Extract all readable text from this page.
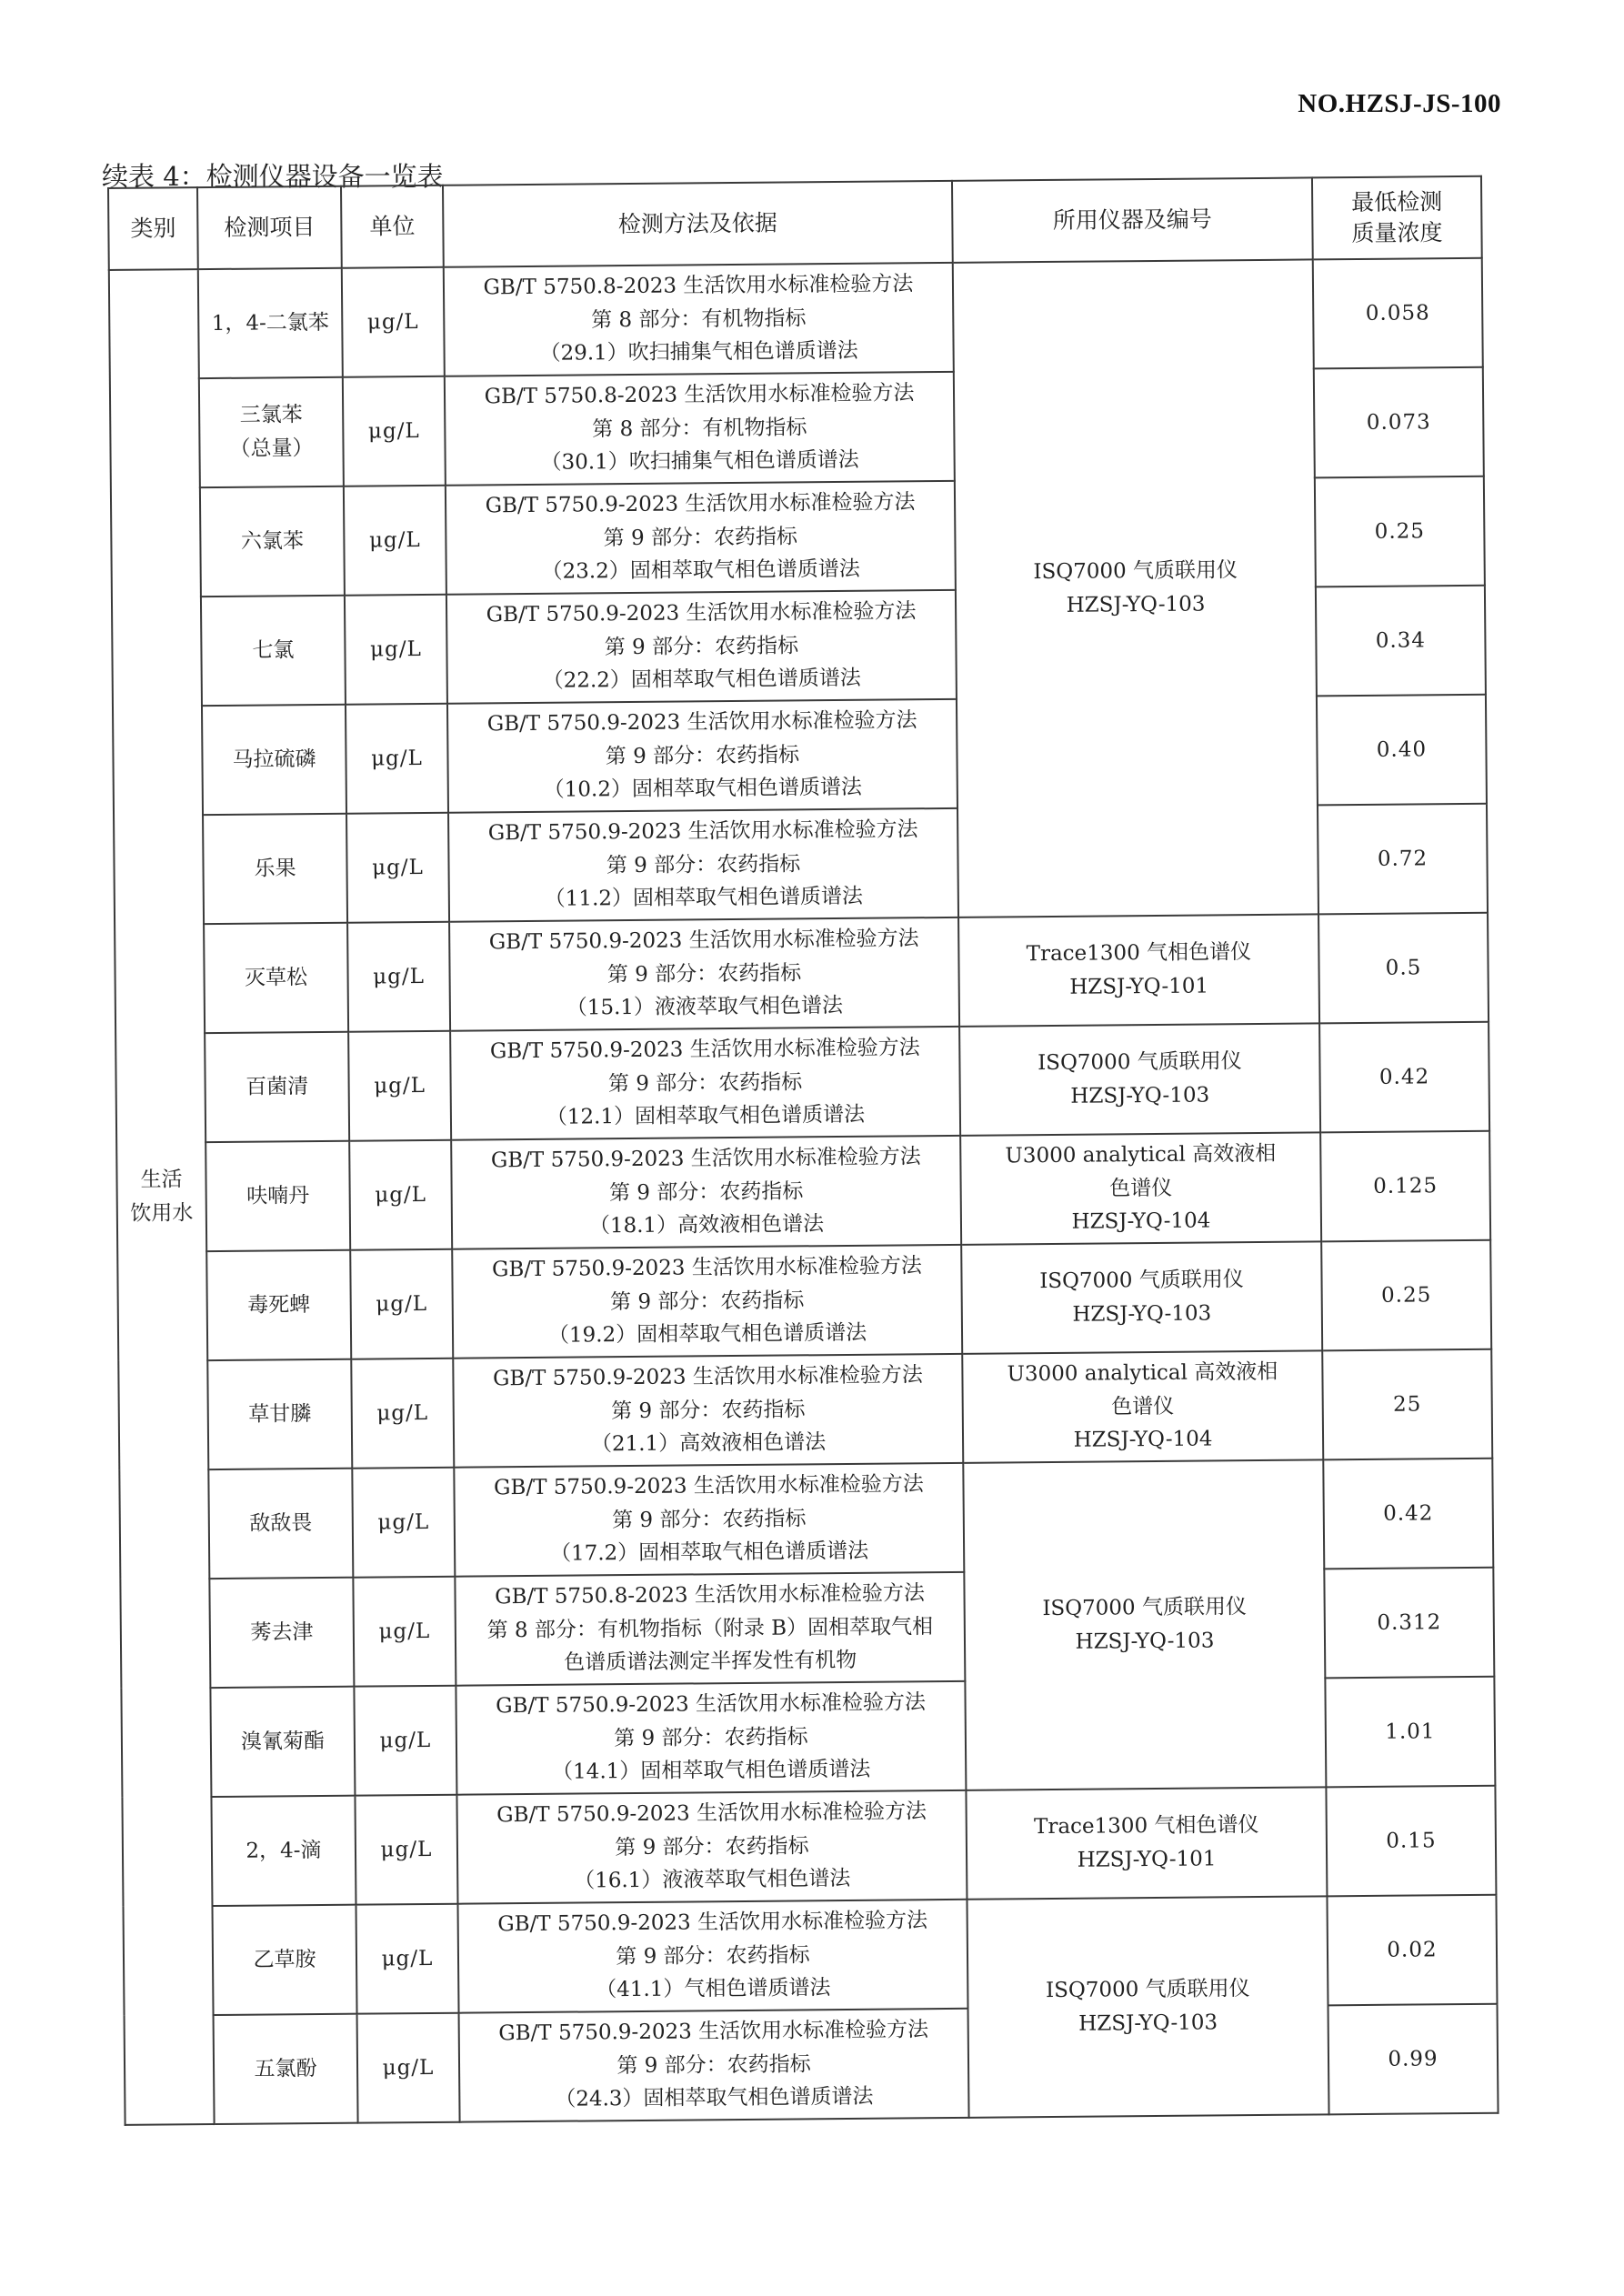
NO.HZSJ-JS-100
续表 4：检测仪器设备一览表
类别	检测项目	单位	检测方法及依据	所用仪器及编号	最低检测
质量浓度

生活
饮用水	1，4-二氯苯	μg/L	GB/T 5750.8-2023 生活饮用水标准检验方法
第 8 部分：有机物指标
（29.1）吹扫捕集气相色谱质谱法	ISQ7000 气质联用仪
HZSJ-YQ-103	0.058

	三氯苯
（总量）	μg/L	GB/T 5750.8-2023 生活饮用水标准检验方法
第 8 部分：有机物指标
（30.1）吹扫捕集气相色谱质谱法		0.073

	六氯苯	μg/L	GB/T 5750.9-2023 生活饮用水标准检验方法
第 9 部分：农药指标
（23.2）固相萃取气相色谱质谱法		0.25

	七氯	μg/L	GB/T 5750.9-2023 生活饮用水标准检验方法
第 9 部分：农药指标
（22.2）固相萃取气相色谱质谱法		0.34

	马拉硫磷	μg/L	GB/T 5750.9-2023 生活饮用水标准检验方法
第 9 部分：农药指标
（10.2）固相萃取气相色谱质谱法		0.40

	乐果	μg/L	GB/T 5750.9-2023 生活饮用水标准检验方法
第 9 部分：农药指标
（11.2）固相萃取气相色谱质谱法		0.72

	灭草松	μg/L	GB/T 5750.9-2023 生活饮用水标准检验方法
第 9 部分：农药指标
（15.1）液液萃取气相色谱法	Trace1300 气相色谱仪
HZSJ-YQ-101	0.5

	百菌清	μg/L	GB/T 5750.9-2023 生活饮用水标准检验方法
第 9 部分：农药指标
（12.1）固相萃取气相色谱质谱法	ISQ7000 气质联用仪
HZSJ-YQ-103	0.42

	呋喃丹	μg/L	GB/T 5750.9-2023 生活饮用水标准检验方法
第 9 部分：农药指标
（18.1）高效液相色谱法	U3000 analytical 高效液相
色谱仪
HZSJ-YQ-104	0.125

	毒死蜱	μg/L	GB/T 5750.9-2023 生活饮用水标准检验方法
第 9 部分：农药指标
（19.2）固相萃取气相色谱质谱法	ISQ7000 气质联用仪
HZSJ-YQ-103	0.25

	草甘膦	μg/L	GB/T 5750.9-2023 生活饮用水标准检验方法
第 9 部分：农药指标
（21.1）高效液相色谱法	U3000 analytical 高效液相
色谱仪
HZSJ-YQ-104	25

	敌敌畏	μg/L	GB/T 5750.9-2023 生活饮用水标准检验方法
第 9 部分：农药指标
（17.2）固相萃取气相色谱质谱法	ISQ7000 气质联用仪
HZSJ-YQ-103	0.42

	莠去津	μg/L	GB/T 5750.8-2023 生活饮用水标准检验方法
第 8 部分：有机物指标（附录 B）固相萃取气相
色谱质谱法测定半挥发性有机物		0.312

	溴氰菊酯	μg/L	GB/T 5750.9-2023 生活饮用水标准检验方法
第 9 部分：农药指标
（14.1）固相萃取气相色谱质谱法		1.01

	2，4-滴	μg/L	GB/T 5750.9-2023 生活饮用水标准检验方法
第 9 部分：农药指标
（16.1）液液萃取气相色谱法	Trace1300 气相色谱仪
HZSJ-YQ-101	0.15

	乙草胺	μg/L	GB/T 5750.9-2023 生活饮用水标准检验方法
第 9 部分：农药指标
（41.1）气相色谱质谱法	ISQ7000 气质联用仪
HZSJ-YQ-103	0.02

	五氯酚	μg/L	GB/T 5750.9-2023 生活饮用水标准检验方法
第 9 部分：农药指标
（24.3）固相萃取气相色谱质谱法		0.99
